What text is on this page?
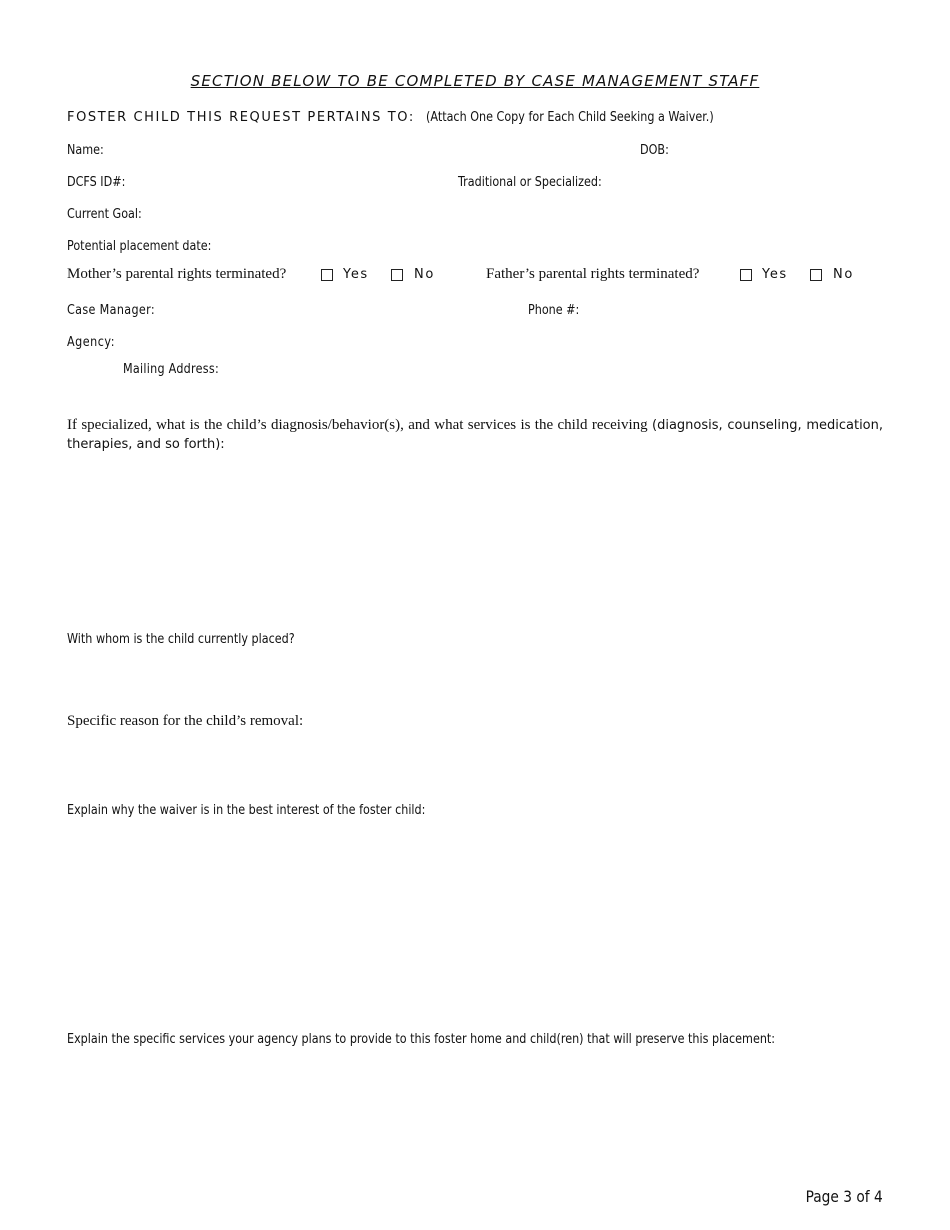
SECTION BELOW TO BE COMPLETED BY CASE MANAGEMENT STAFF
FOSTER CHILD THIS REQUEST PERTAINS TO: (Attach One Copy for Each Child Seeking a Waiver.)
Name:	DOB:
DCFS ID#:	Traditional or Specialized:
Current Goal:
Potential placement date:
Mother’s parental rights terminated?	Yes	No	Father’s parental rights terminated?	Yes	No
Case Manager:	Phone #:
Agency:
Mailing Address:
If specialized, what is the child’s diagnosis/behavior(s), and what services is the child receiving (diagnosis, counseling, medication, therapies, and so forth):
With whom is the child currently placed?
Specific reason for the child’s removal:
Explain why the waiver is in the best interest of the foster child:
Explain the specific services your agency plans to provide to this foster home and child(ren) that will preserve this placement:
Page 3 of 4
